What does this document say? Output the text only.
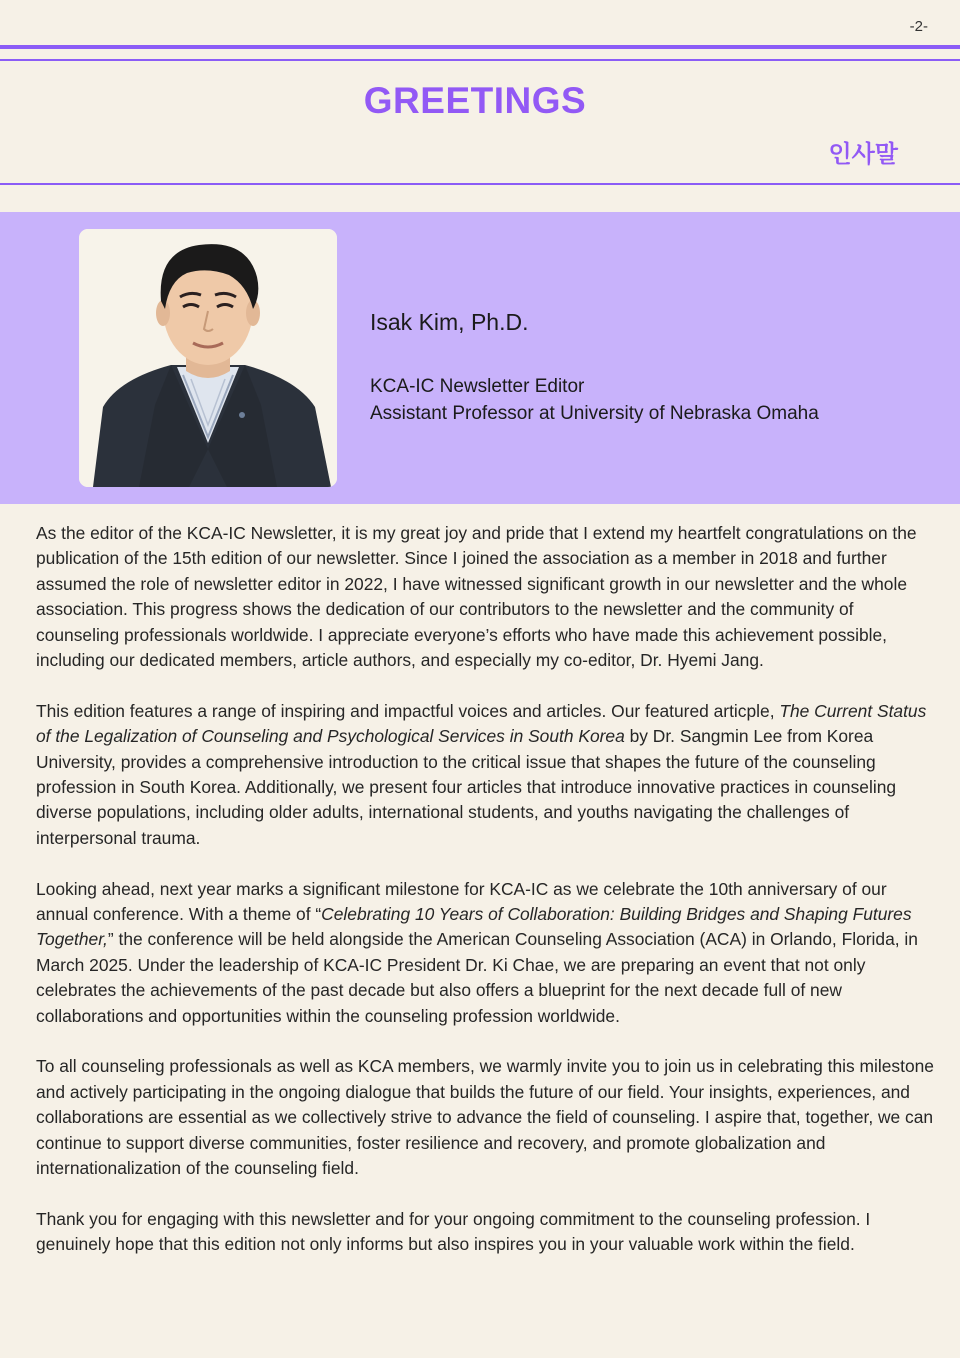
-2-
GREETINGS
인사말
Isak Kim, Ph.D.
KCA-IC Newsletter Editor
Assistant Professor at University of Nebraska Omaha

As the editor of the KCA-IC Newsletter, it is my great joy and pride that I extend my heartfelt congratulations on the publication of the 15th edition of our newsletter. Since I joined the association as a member in 2018 and further assumed the role of newsletter editor in 2022, I have witnessed significant growth in our newsletter and the whole association. This progress shows the dedication of our contributors to the newsletter and the community of counseling professionals worldwide. I appreciate everyone’s efforts who have made this achievement possible, including our dedicated members, article authors, and especially my co-editor, Dr. Hyemi Jang.

This edition features a range of inspiring and impactful voices and articles. Our featured articple, The Current Status of the Legalization of Counseling and Psychological Services in South Korea by Dr. Sangmin Lee from Korea University, provides a comprehensive introduction to the critical issue that shapes the future of the counseling profession in South Korea. Additionally, we present four articles that introduce innovative practices in counseling diverse populations, including older adults, international students, and youths navigating the challenges of interpersonal trauma.

Looking ahead, next year marks a significant milestone for KCA-IC as we celebrate the 10th anniversary of our annual conference. With a theme of “Celebrating 10 Years of Collaboration: Building Bridges and Shaping Futures Together,” the conference will be held alongside the American Counseling Association (ACA) in Orlando, Florida, in March 2025. Under the leadership of KCA-IC President Dr. Ki Chae, we are preparing an event that not only celebrates the achievements of the past decade but also offers a blueprint for the next decade full of new collaborations and opportunities within the counseling profession worldwide.

To all counseling professionals as well as KCA members, we warmly invite you to join us in celebrating this milestone and actively participating in the ongoing dialogue that builds the future of our field. Your insights, experiences, and collaborations are essential as we collectively strive to advance the field of counseling. I aspire that, together, we can continue to support diverse communities, foster resilience and recovery, and promote globalization and internationalization of the counseling field.

Thank you for engaging with this newsletter and for your ongoing commitment to the counseling profession. I genuinely hope that this edition not only informs but also inspires you in your valuable work within the field.
